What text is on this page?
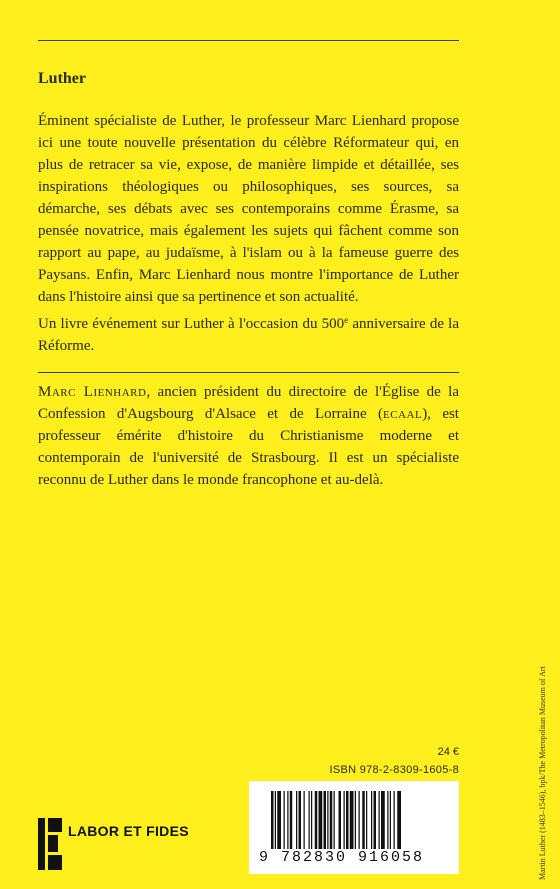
Luther

Éminent spécialiste de Luther, le professeur Marc Lienhard propose ici une toute nouvelle présentation du célèbre Réformateur qui, en plus de retracer sa vie, expose, de manière limpide et détaillée, ses inspirations théologiques ou philosophiques, ses sources, sa démarche, ses débats avec ses contemporains comme Érasme, sa pensée novatrice, mais également les sujets qui fâchent comme son rapport au pape, au judaïsme, à l'islam ou à la fameuse guerre des Paysans. Enfin, Marc Lienhard nous montre l'importance de Luther dans l'histoire ainsi que sa pertinence et son actualité.

Un livre événement sur Luther à l'occasion du 500e anniversaire de la Réforme.

Marc Lienhard, ancien président du directoire de l'Église de la Confession d'Augsbourg d'Alsace et de Lorraine (ecaal), est professeur émérite d'histoire du Christianisme moderne et contemporain de l'université de Strasbourg. Il est un spécialiste reconnu de Luther dans le monde francophone et au-delà.

24 €
ISBN 978-2-8309-1605-8
9 782830 916058
LABOR ET FIDES	Martin Luther (1483–1546), bpk/The Metropolitan Museum of Art
